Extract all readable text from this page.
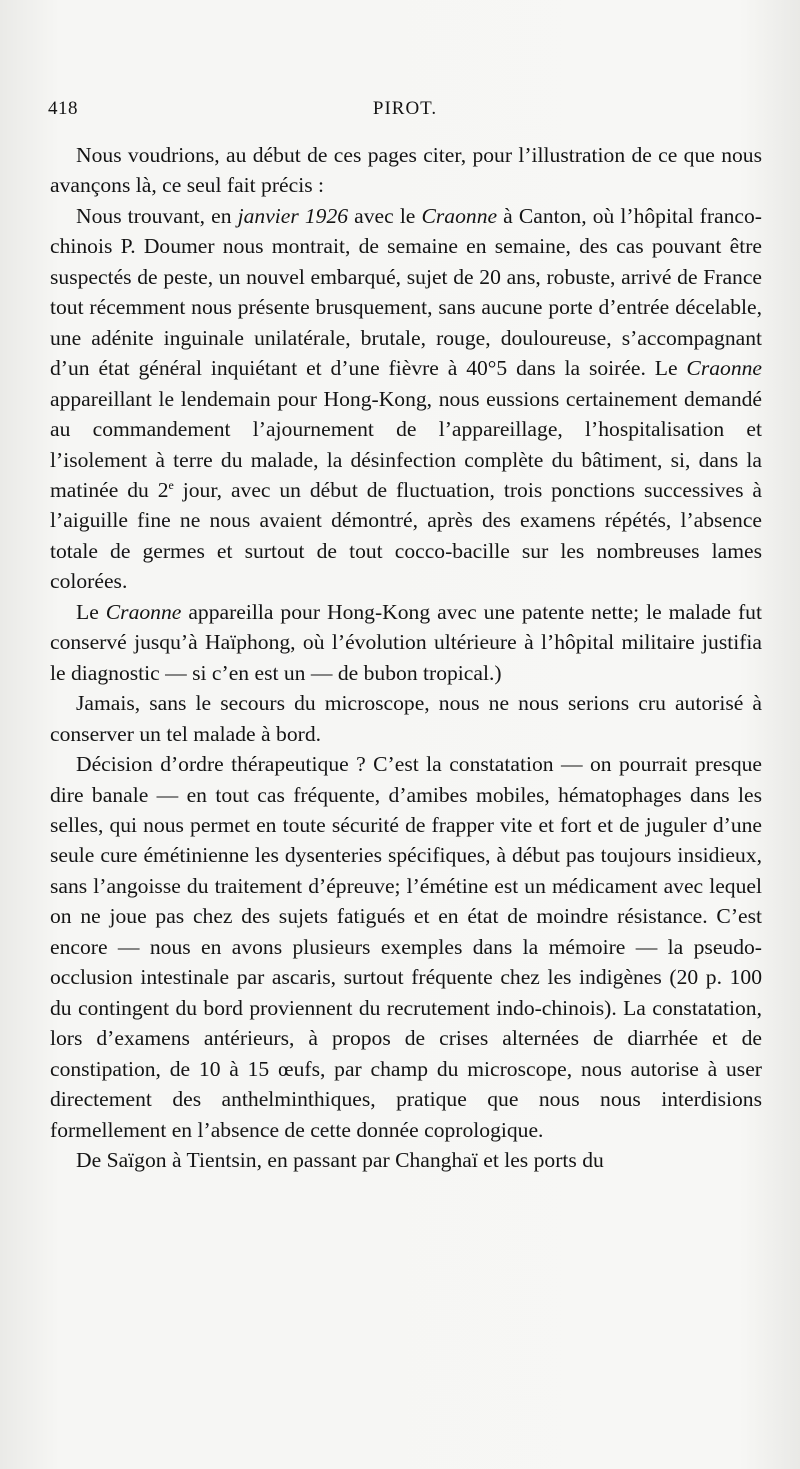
418	PIROT.

Nous voudrions, au début de ces pages citer, pour l’illustration de ce que nous avançons là, ce seul fait précis :

Nous trouvant, en janvier 1926 avec le Craonne à Canton, où l’hôpital franco-chinois P. Doumer nous montrait, de semaine en semaine, des cas pouvant être suspectés de peste, un nouvel embarqué, sujet de 20 ans, robuste, arrivé de France tout récemment nous présente brusquement, sans aucune porte d’entrée décelable, une adénite inguinale unilatérale, brutale, rouge, douloureuse, s’accompagnant d’un état général inquiétant et d’une fièvre à 40°5 dans la soirée. Le Craonne appareillant le lendemain pour Hong-Kong, nous eussions certainement demandé au commandement l’ajournement de l’appareillage, l’hospitalisation et l’isolement à terre du malade, la désinfection complète du bâtiment, si, dans la matinée du 2e jour, avec un début de fluctuation, trois ponctions successives à l’aiguille fine ne nous avaient démontré, après des examens répétés, l’absence totale de germes et surtout de tout cocco-bacille sur les nombreuses lames colorées.

Le Craonne appareilla pour Hong-Kong avec une patente nette; le malade fut conservé jusqu’à Haïphong, où l’évolution ultérieure à l’hôpital militaire justifia le diagnostic — si c’en est un — de bubon tropical.)

Jamais, sans le secours du microscope, nous ne nous serions cru autorisé à conserver un tel malade à bord.

Décision d’ordre thérapeutique ? C’est la constatation — on pourrait presque dire banale — en tout cas fréquente, d’amibes mobiles, hématophages dans les selles, qui nous permet en toute sécurité de frapper vite et fort et de juguler d’une seule cure émétinienne les dysenteries spécifiques, à début pas toujours insidieux, sans l’angoisse du traitement d’épreuve; l’émétine est un médicament avec lequel on ne joue pas chez des sujets fatigués et en état de moindre résistance. C’est encore — nous en avons plusieurs exemples dans la mémoire — la pseudo-occlusion intestinale par ascaris, surtout fréquente chez les indigènes (20 p. 100 du contingent du bord proviennent du recrutement indo-chinois). La constatation, lors d’examens antérieurs, à propos de crises alternées de diarrhée et de constipation, de 10 à 15 œufs, par champ du microscope, nous autorise à user directement des anthelminthiques, pratique que nous nous interdisions formellement en l’absence de cette donnée coprologique.

De Saïgon à Tientsin, en passant par Changhaï et les ports du
